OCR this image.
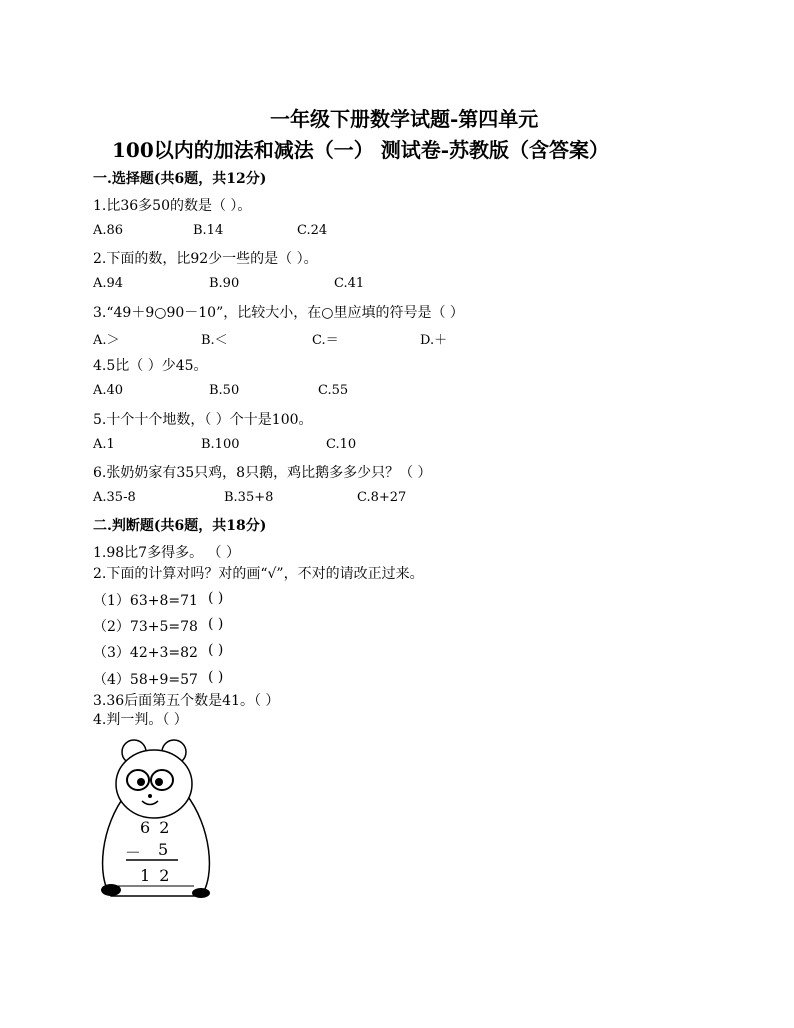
一年级下册数学试题-第四单元
100以内的加法和减法（一） 测试卷-苏教版（含答案）
一.选择题(共6题，共12分)
1.比36多50的数是（ ）。
A.86	B.14	C.24
2.下面的数，比92少一些的是（ ）。
A.94	B.90	C.41
3.“49＋9○90－10”，比较大小，在○里应填的符号是（ ）
A.＞	B.＜	C.＝	D.＋
4.5比（ ）少45。
A.40	B.50	C.55
5.十个十个地数，（ ）个十是100。
A.1	B.100	C.10
6.张奶奶家有35只鸡，8只鹅，鸡比鹅多多少只？（ ）
A.35-8	B.35+8	C.8+27
二.判断题(共6题，共18分)
1.98比7多得多。 （ ）
2.下面的计算对吗？对的画“√”，不对的请改正过来。
（1）63+8=71 ( )
（2）73+5=78 ( )
（3）42+3=82 ( )
3.36后面第五个数是41。（ ）
4.判一判。（ ）
6 2
－ 5
1 2
（4）58+9=57 ( )
